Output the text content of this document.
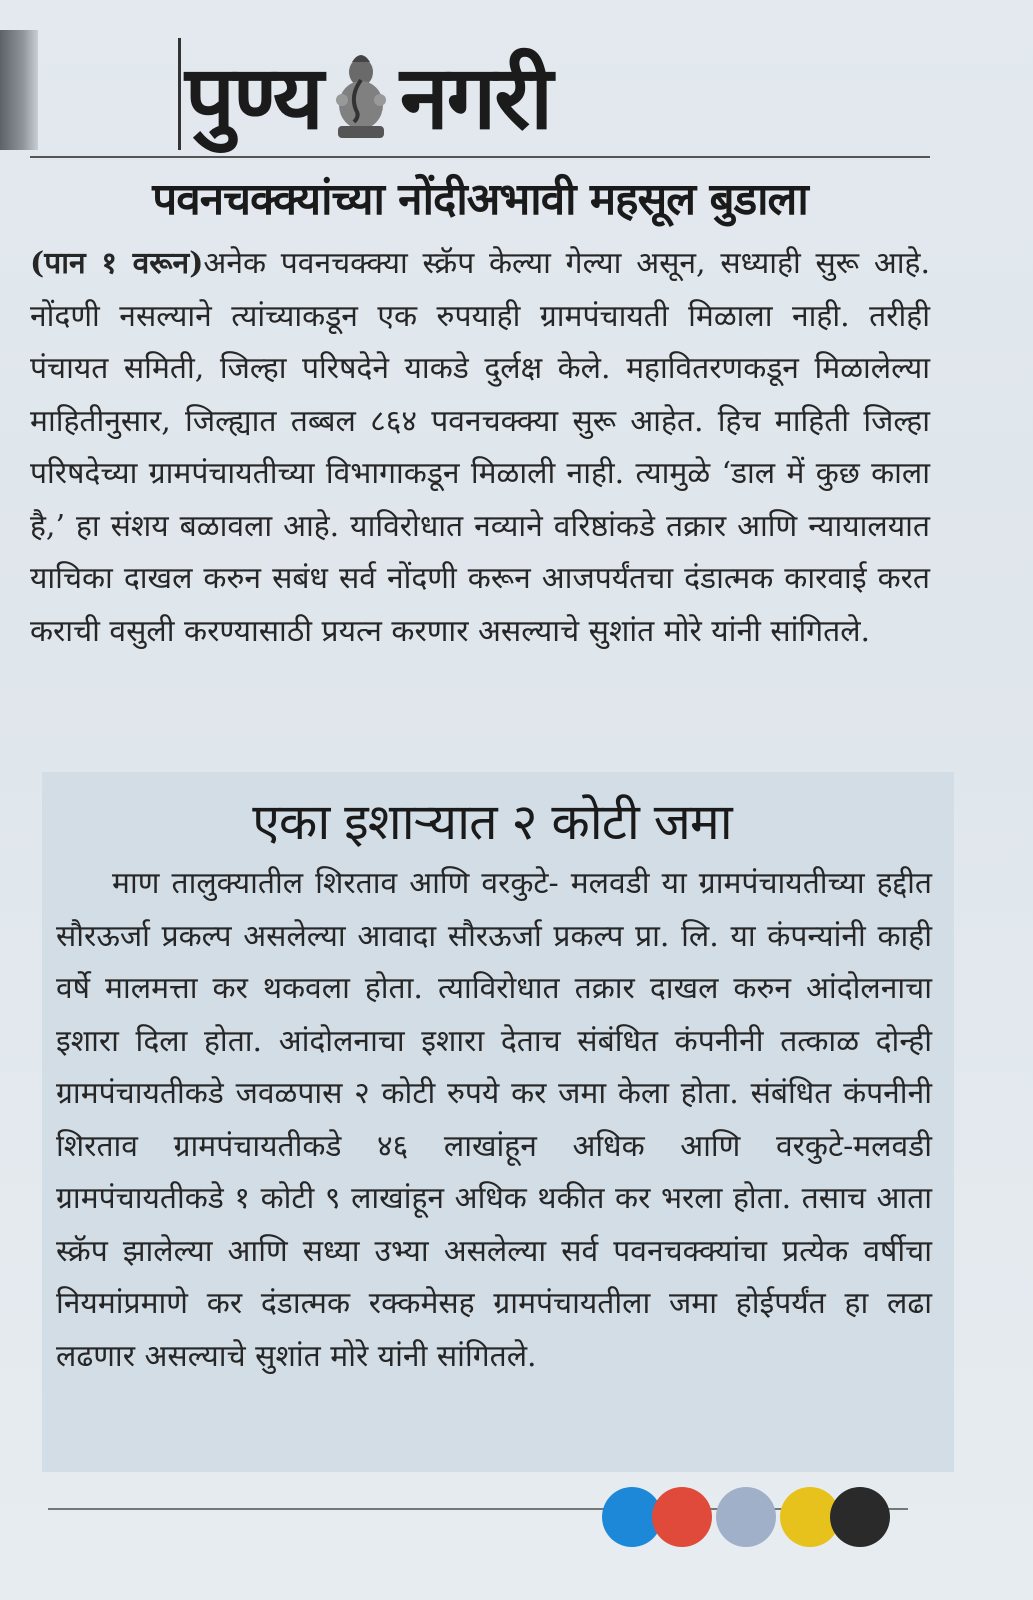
पुण्य नगरी
पवनचक्क्यांच्या नोंदीअभावी महसूल बुडाला

(पान १ वरून)अनेक पवनचक्क्या स्क्रॅप केल्या गेल्या असून, सध्याही सुरू आहे. नोंदणी नसल्याने त्यांच्याकडून एक रुपयाही ग्रामपंचायती मिळाला नाही. तरीही पंचायत समिती, जिल्हा परिषदेने याकडे दुर्लक्ष केले. महावितरणकडून मिळालेल्या माहितीनुसार, जिल्ह्यात तब्बल ८६४ पवनचक्क्या सुरू आहेत. हिच माहिती जिल्हा परिषदेच्या ग्रामपंचायतीच्या विभागाकडून मिळाली नाही. त्यामुळे ‘डाल में कुछ काला है,’ हा संशय बळावला आहे. याविरोधात नव्याने वरिष्ठांकडे तक्रार आणि न्यायालयात याचिका दाखल करुन सबंध सर्व नोंदणी करून आजपर्यंतचा दंडात्मक कारवाई करत कराची वसुली करण्यासाठी प्रयत्न करणार असल्याचे सुशांत मोरे यांनी सांगितले.

एका इशाऱ्यात २ कोटी जमा

माण तालुक्यातील शिरताव आणि वरकुटे- मलवडी या ग्रामपंचायतीच्या हद्दीत सौरऊर्जा प्रकल्प असलेल्या आवादा सौरऊर्जा प्रकल्प प्रा. लि. या कंपन्यांनी काही वर्षे मालमत्ता कर थकवला होता. त्याविरोधात तक्रार दाखल करुन आंदोलनाचा इशारा दिला होता. आंदोलनाचा इशारा देताच संबंधित कंपनीनी तत्काळ दोन्ही ग्रामपंचायतीकडे जवळपास २ कोटी रुपये कर जमा केला होता. संबंधित कंपनीनी शिरताव ग्रामपंचायतीकडे ४६ लाखांहून अधिक आणि वरकुटे-मलवडी ग्रामपंचायतीकडे १ कोटी ९ लाखांहून अधिक थकीत कर भरला होता. तसाच आता स्क्रॅप झालेल्या आणि सध्या उभ्या असलेल्या सर्व पवनचक्क्यांचा प्रत्येक वर्षीचा नियमांप्रमाणे कर दंडात्मक रक्कमेसह ग्रामपंचायतीला जमा होईपर्यंत हा लढा लढणार असल्याचे सुशांत मोरे यांनी सांगितले.
